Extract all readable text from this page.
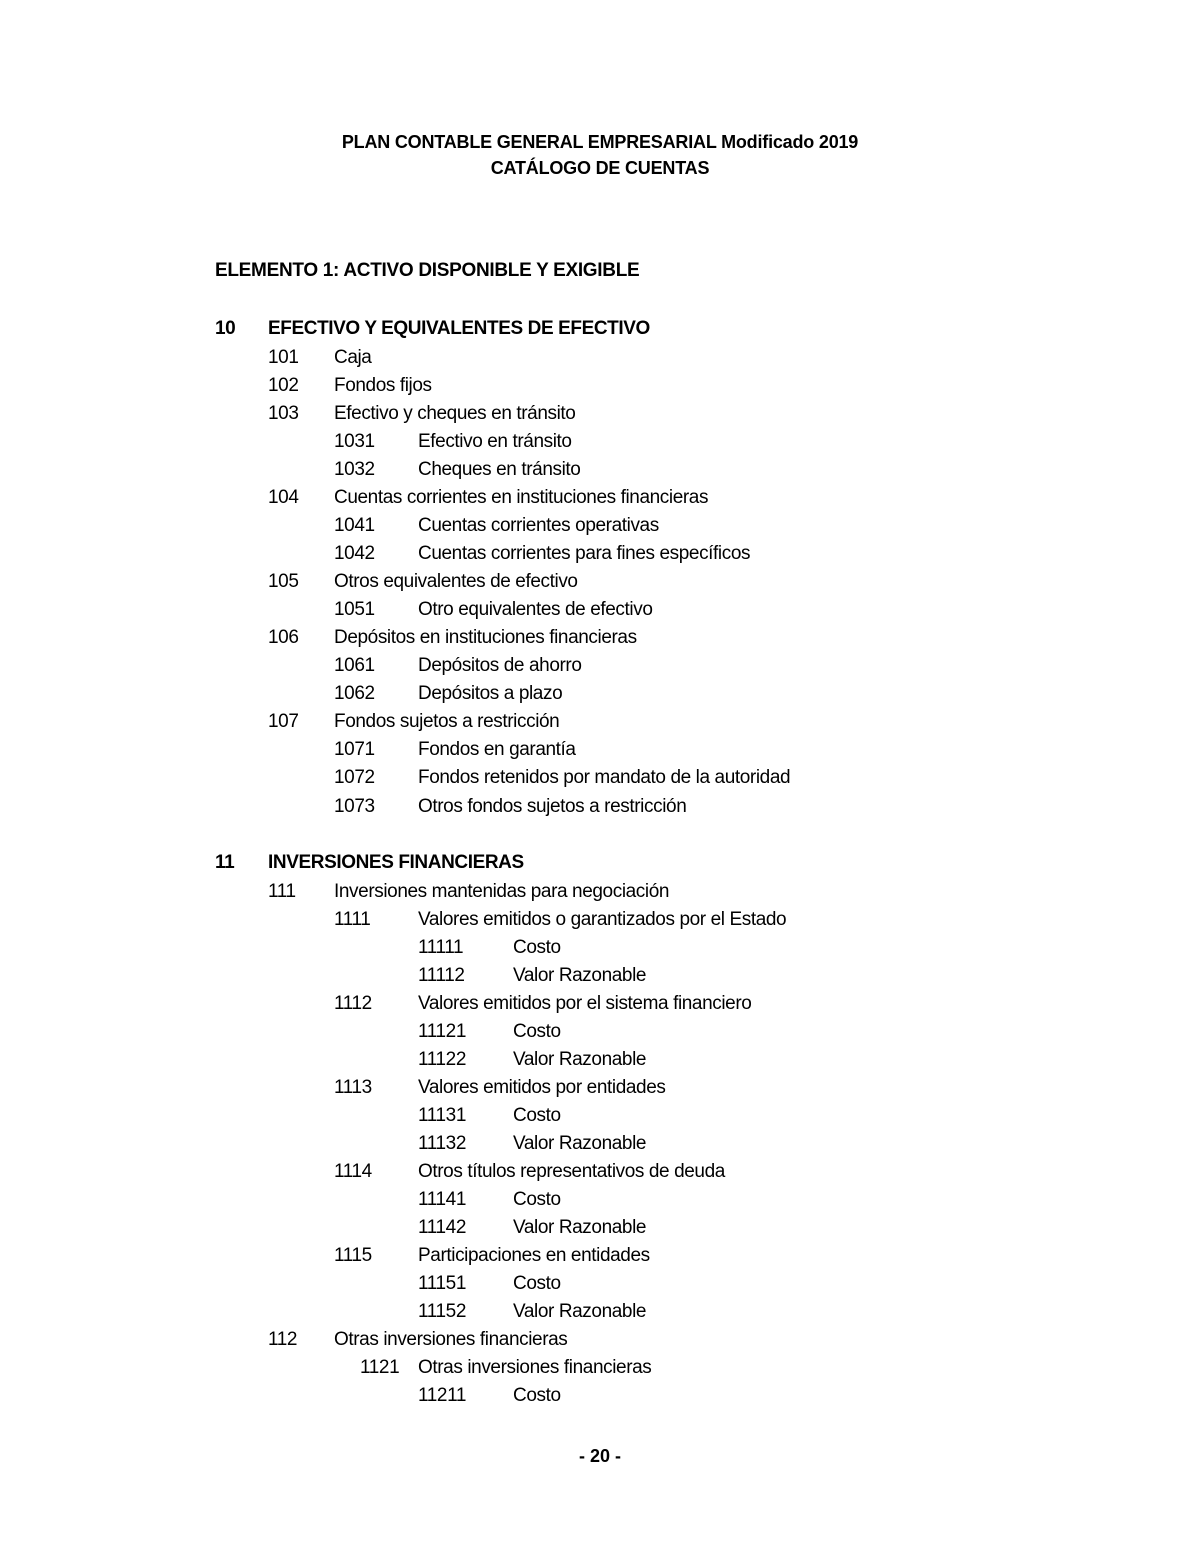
PLAN CONTABLE GENERAL EMPRESARIAL Modificado 2019
CATÁLOGO DE CUENTAS
ELEMENTO 1: ACTIVO DISPONIBLE Y EXIGIBLE
10 EFECTIVO Y EQUIVALENTES DE EFECTIVO
101 Caja
102 Fondos fijos
103 Efectivo y cheques en tránsito
1031 Efectivo en tránsito
1032 Cheques en tránsito
104 Cuentas corrientes en instituciones financieras
1041 Cuentas corrientes operativas
1042 Cuentas corrientes para fines específicos
105 Otros equivalentes de efectivo
1051 Otro equivalentes de efectivo
106 Depósitos en instituciones financieras
1061 Depósitos de ahorro
1062 Depósitos a plazo
107 Fondos sujetos a restricción
1071 Fondos en garantía
1072 Fondos retenidos por mandato de la autoridad
1073 Otros fondos sujetos a restricción
11 INVERSIONES FINANCIERAS
111 Inversiones mantenidas para negociación
1111	Valores emitidos o garantizados por el Estado
11111	Costo
11112	Valor Razonable
1112 Valores emitidos por el sistema financiero
11121 Costo
11122 Valor Razonable
1113 Valores emitidos por entidades
11131 Costo
11132 Valor Razonable
1114 Otros títulos representativos de deuda
11141 Costo
11142 Valor Razonable
1115 Participaciones en entidades
11151 Costo
11152 Valor Razonable
112 Otras inversiones financieras
1121 Otras inversiones financieras
11211 Costo
- 20 -
